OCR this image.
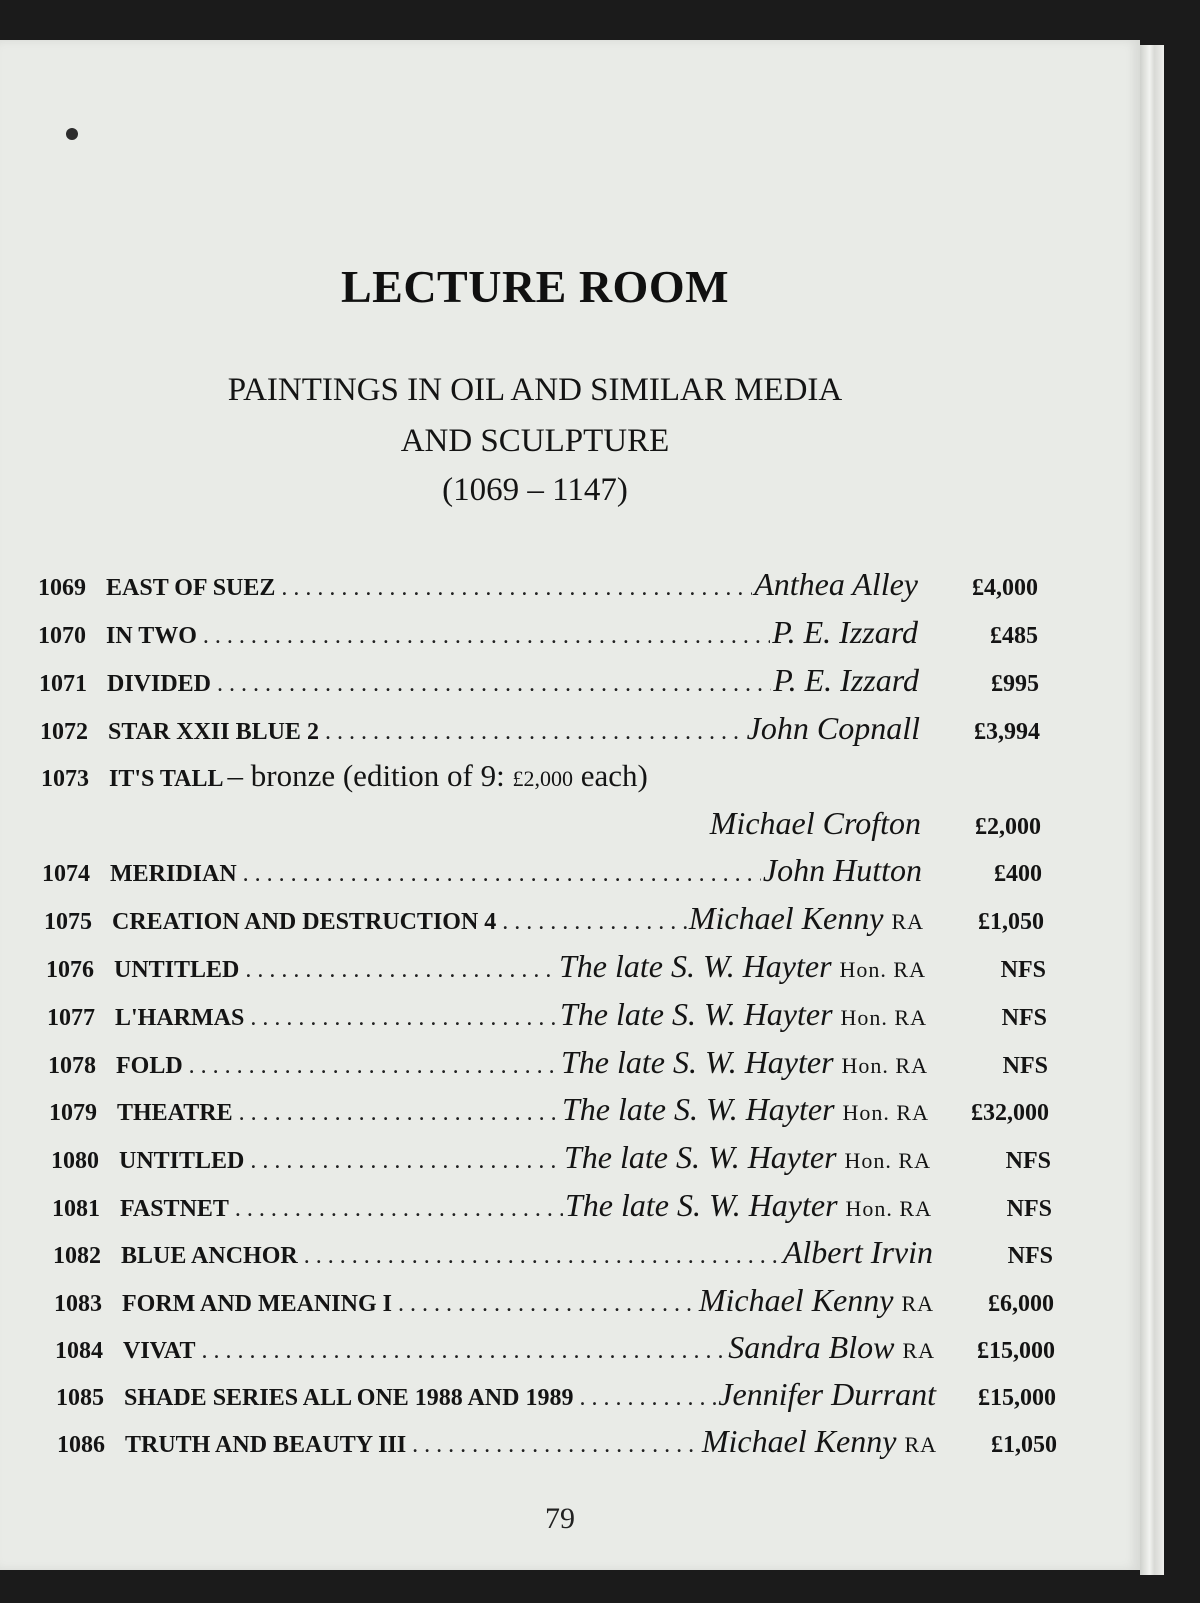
LECTURE ROOM
PAINTINGS IN OIL AND SIMILAR MEDIA
AND SCULPTURE
(1069 – 1147)
1069 EAST OF SUEZ . . .	Anthea Alley	£4,000
1070 IN TWO . . .	P. E. Izzard	£485
1071 DIVIDED . . .	P. E. Izzard	£995
1072 STAR XXII BLUE 2 . . .	John Copnall	£3,994
1073 IT'S TALL – bronze (edition of 9: £2,000 each)
Michael Crofton	£2,000
1074 MERIDIAN . . .	John Hutton	£400
1075 CREATION AND DESTRUCTION 4 . . .	Michael Kenny RA	£1,050
1076 UNTITLED . . .	The late S. W. Hayter Hon. RA	NFS
1077 L'HARMAS . . .	The late S. W. Hayter Hon. RA	NFS
1078 FOLD . . .	The late S. W. Hayter Hon. RA	NFS
1079 THEATRE . . .	The late S. W. Hayter Hon. RA	£32,000
1080 UNTITLED . . .	The late S. W. Hayter Hon. RA	NFS
1081 FASTNET . . .	The late S. W. Hayter Hon. RA	NFS
1082 BLUE ANCHOR . . .	Albert Irvin	NFS
1083 FORM AND MEANING I . . .	Michael Kenny RA	£6,000
1084 VIVAT . . .	Sandra Blow RA	£15,000
1085 SHADE SERIES ALL ONE 1988 AND 1989 . . .	Jennifer Durrant	£15,000
1086 TRUTH AND BEAUTY III . . .	Michael Kenny RA	£1,050
79
